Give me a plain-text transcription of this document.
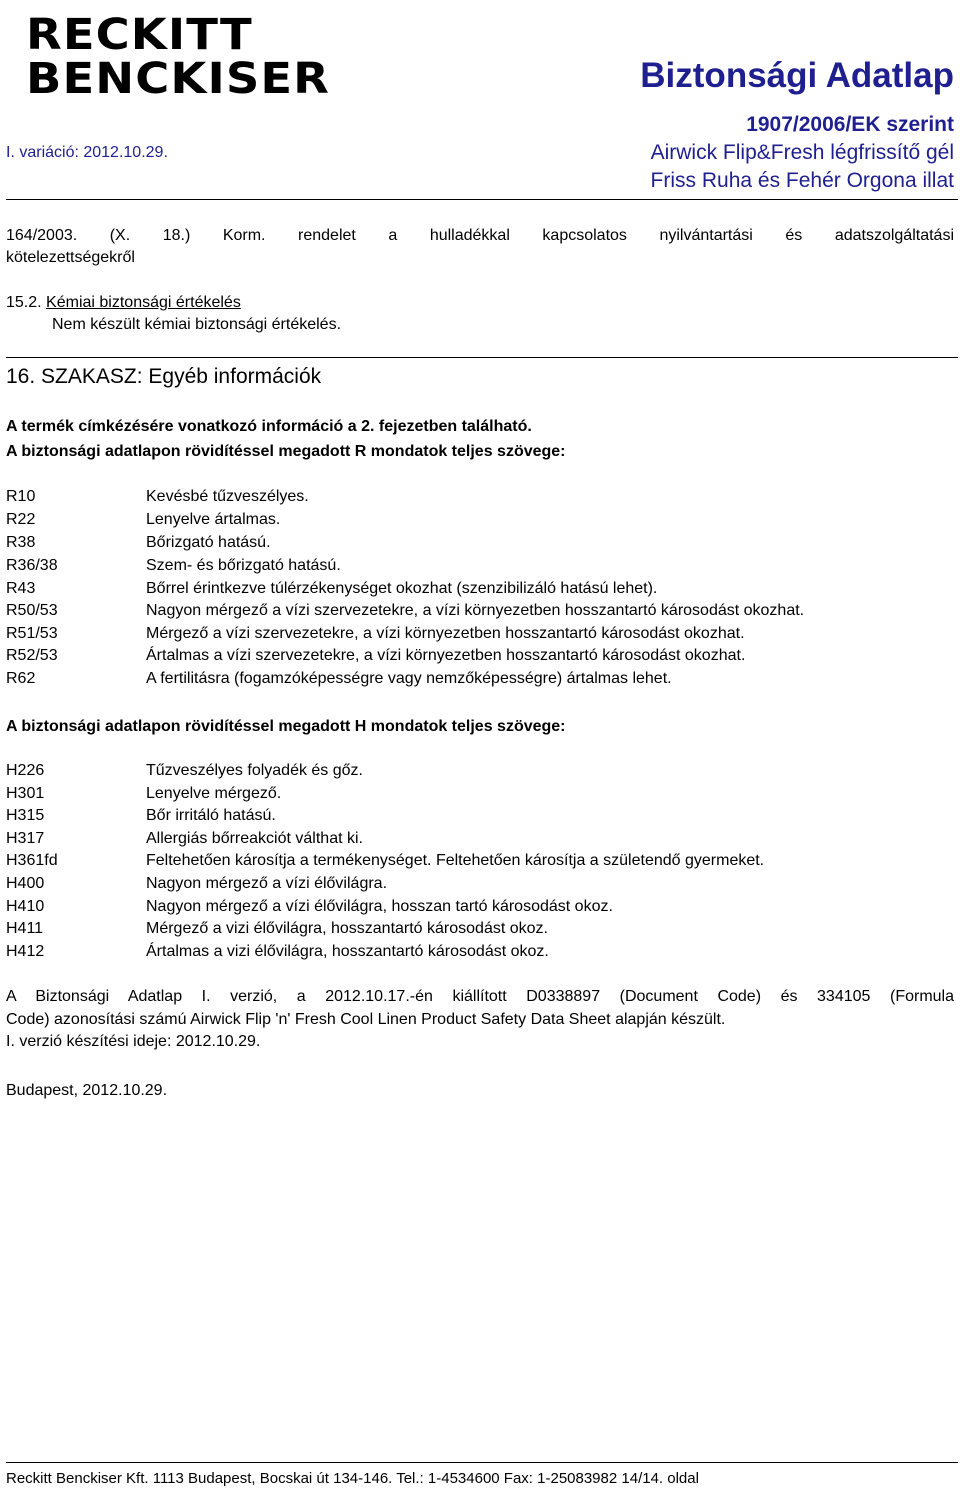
RECKITT
BENCKISER	Biztonsági Adatlap
1907/2006/EK szerint
I. variáció: 2012.10.29.	Airwick Flip&Fresh légfrissítő gél
Friss Ruha és Fehér Orgona illat
164/2003. (X. 18.) Korm. rendelet a hulladékkal kapcsolatos nyilvántartási és adatszolgáltatási
kötelezettségekről
15.2. Kémiai biztonsági értékelés
Nem készült kémiai biztonsági értékelés.
16. SZAKASZ: Egyéb információk
A termék címkézésére vonatkozó információ a 2. fejezetben található.
A biztonsági adatlapon rövidítéssel megadott R mondatok teljes szövege:
R10	Kevésbé tűzveszélyes.
R22	Lenyelve ártalmas.
R38	Bőrizgató hatású.
R36/38	Szem- és bőrizgató hatású.
R43	Bőrrel érintkezve túlérzékenységet okozhat (szenzibilizáló hatású lehet).
R50/53	Nagyon mérgező a vízi szervezetekre, a vízi környezetben hosszantartó károsodást okozhat.
R51/53	Mérgező a vízi szervezetekre, a vízi környezetben hosszantartó károsodást okozhat.
R52/53	Ártalmas a vízi szervezetekre, a vízi környezetben hosszantartó károsodást okozhat.
R62	A fertilitásra (fogamzóképességre vagy nemzőképességre) ártalmas lehet.
A biztonsági adatlapon rövidítéssel megadott H mondatok teljes szövege:
H226	Tűzveszélyes folyadék és gőz.
H301	Lenyelve mérgező.
H315	Bőr irritáló hatású.
H317	Allergiás bőrreakciót válthat ki.
H361fd	Feltehetően károsítja a termékenységet. Feltehetően károsítja a születendő gyermeket.
H400	Nagyon mérgező a vízi élővilágra.
H410	Nagyon mérgező a vízi élővilágra, hosszan tartó károsodást okoz.
H411	Mérgező a vizi élővilágra, hosszantartó károsodást okoz.
H412	Ártalmas a vizi élővilágra, hosszantartó károsodást okoz.
A Biztonsági Adatlap I. verzió, a 2012.10.17.-én kiállított D0338897 (Document Code) és 334105 (Formula
Code) azonosítási számú Airwick Flip 'n' Fresh Cool Linen Product Safety Data Sheet alapján készült.
I. verzió készítési ideje: 2012.10.29.
Budapest, 2012.10.29.
Reckitt Benckiser Kft. 1113 Budapest, Bocskai út 134-146. Tel.: 1-4534600 Fax: 1-25083982 14/14. oldal
